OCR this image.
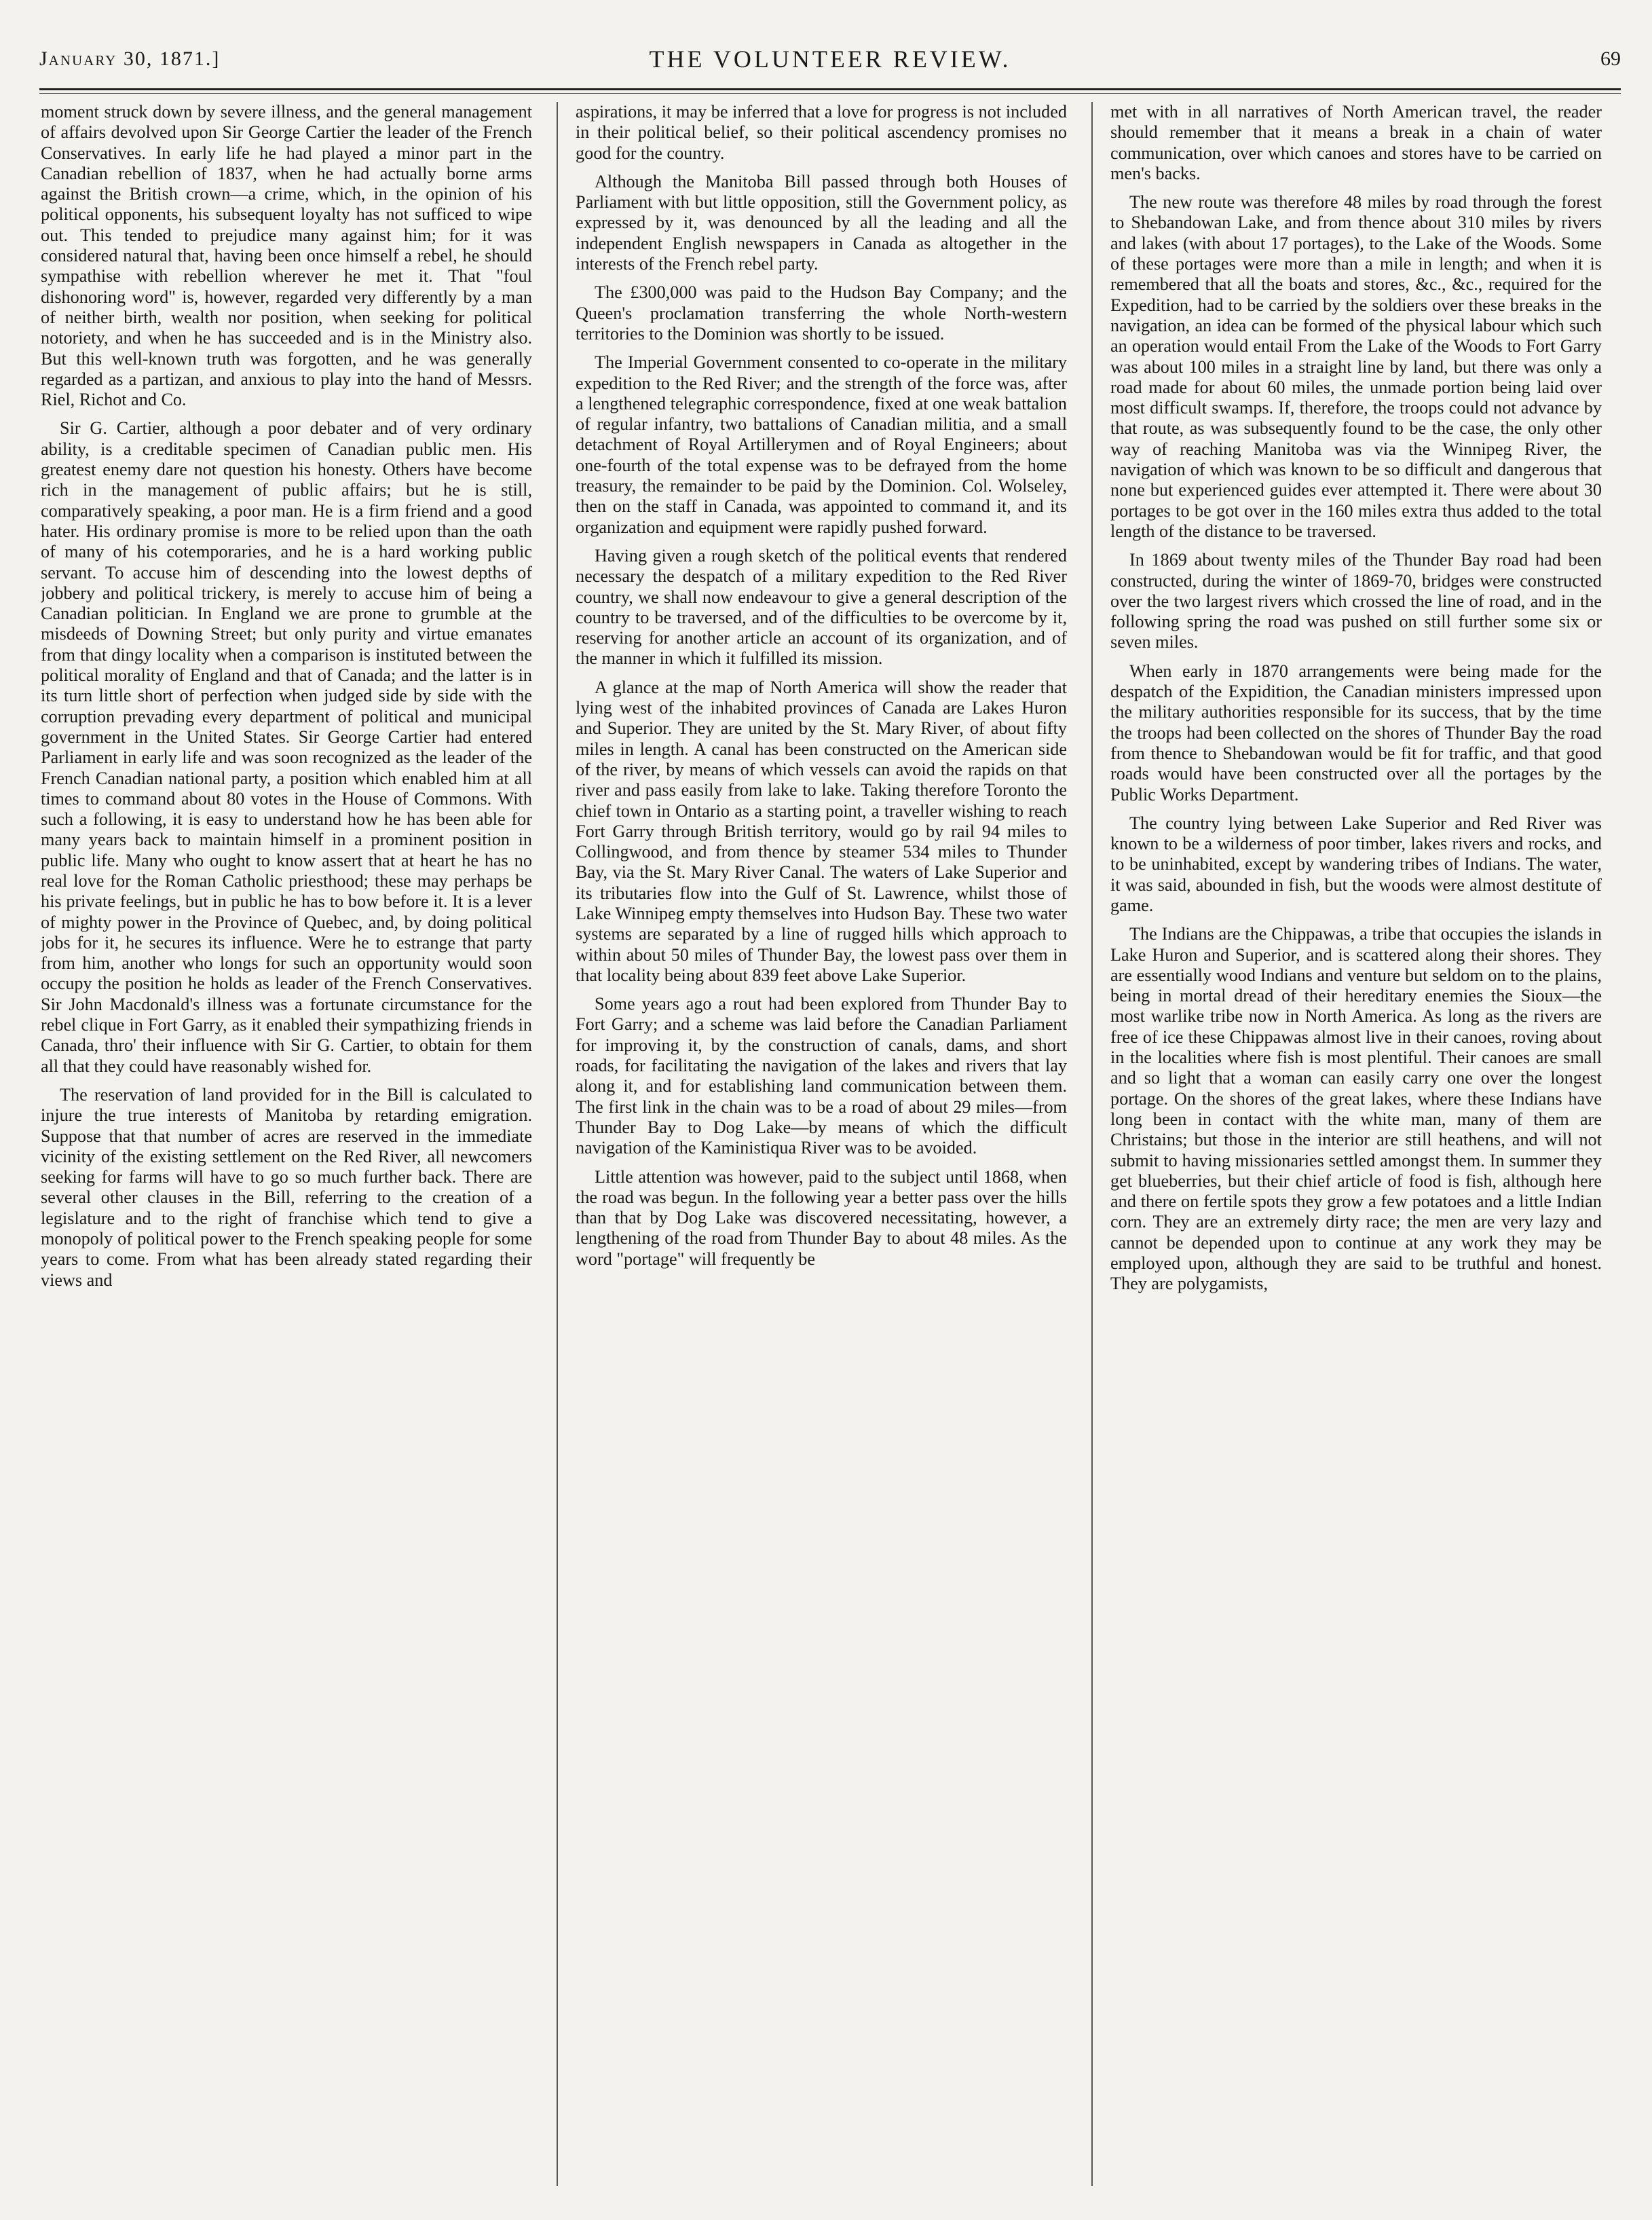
January 30, 1871.]	THE VOLUNTEER REVIEW.	69

moment struck down by severe illness, and the general management of affairs devolved upon Sir George Cartier the leader of the French Conservatives. In early life he had played a minor part in the Canadian rebellion of 1837, when he had actually borne arms against the British crown—a crime, which, in the opinion of his political opponents, his subsequent loyalty has not sufficed to wipe out. This tended to prejudice many against him; for it was considered natural that, having been once himself a rebel, he should sympathise with rebellion wherever he met it. That "foul dishonoring word" is, however, regarded very differently by a man of neither birth, wealth nor position, when seeking for political notoriety, and when he has succeeded and is in the Ministry also. But this well-known truth was forgotten, and he was generally regarded as a partizan, and anxious to play into the hand of Messrs. Riel, Richot and Co.

Sir G. Cartier, although a poor debater and of very ordinary ability, is a creditable specimen of Canadian public men. His greatest enemy dare not question his honesty. Others have become rich in the management of public affairs; but he is still, comparatively speaking, a poor man. He is a firm friend and a good hater. His ordinary promise is more to be relied upon than the oath of many of his cotemporaries, and he is a hard working public servant. To accuse him of descending into the lowest depths of jobbery and political trickery, is merely to accuse him of being a Canadian politician. In England we are prone to grumble at the misdeeds of Downing Street; but only purity and virtue emanates from that dingy locality when a comparison is instituted between the political morality of England and that of Canada; and the latter is in its turn little short of perfection when judged side by side with the corruption prevading every department of political and municipal government in the United States. Sir George Cartier had entered Parliament in early life and was soon recognized as the leader of the French Canadian national party, a position which enabled him at all times to command about 80 votes in the House of Commons. With such a following, it is easy to understand how he has been able for many years back to maintain himself in a prominent position in public life. Many who ought to know assert that at heart he has no real love for the Roman Catholic priesthood; these may perhaps be his private feelings, but in public he has to bow before it. It is a lever of mighty power in the Province of Quebec, and, by doing political jobs for it, he secures its influence. Were he to estrange that party from him, another who longs for such an opportunity would soon occupy the position he holds as leader of the French Conservatives. Sir John Macdonald's illness was a fortunate circumstance for the rebel clique in Fort Garry, as it enabled their sympathizing friends in Canada, thro' their influence with Sir G. Cartier, to obtain for them all that they could have reasonably wished for.

The reservation of land provided for in the Bill is calculated to injure the true interests of Manitoba by retarding emigration. Suppose that that number of acres are reserved in the immediate vicinity of the existing settlement on the Red River, all newcomers seeking for farms will have to go so much further back. There are several other clauses in the Bill, referring to the creation of a legislature and to the right of franchise which tend to give a monopoly of political power to the French speaking people for some years to come. From what has been already stated regarding their views and

aspirations, it may be inferred that a love for progress is not included in their political belief, so their political ascendency promises no good for the country.

Although the Manitoba Bill passed through both Houses of Parliament with but little opposition, still the Government policy, as expressed by it, was denounced by all the leading and all the independent English newspapers in Canada as altogether in the interests of the French rebel party.

The £300,000 was paid to the Hudson Bay Company; and the Queen's proclamation transferring the whole North-western territories to the Dominion was shortly to be issued.

The Imperial Government consented to co-operate in the military expedition to the Red River; and the strength of the force was, after a lengthened telegraphic correspondence, fixed at one weak battalion of regular infantry, two battalions of Canadian militia, and a small detachment of Royal Artillerymen and of Royal Engineers; about one-fourth of the total expense was to be defrayed from the home treasury, the remainder to be paid by the Dominion. Col. Wolseley, then on the staff in Canada, was appointed to command it, and its organization and equipment were rapidly pushed forward.

Having given a rough sketch of the political events that rendered necessary the despatch of a military expedition to the Red River country, we shall now endeavour to give a general description of the country to be traversed, and of the difficulties to be overcome by it, reserving for another article an account of its organization, and of the manner in which it fulfilled its mission.

A glance at the map of North America will show the reader that lying west of the inhabited provinces of Canada are Lakes Huron and Superior. They are united by the St. Mary River, of about fifty miles in length. A canal has been constructed on the American side of the river, by means of which vessels can avoid the rapids on that river and pass easily from lake to lake. Taking therefore Toronto the chief town in Ontario as a starting point, a traveller wishing to reach Fort Garry through British territory, would go by rail 94 miles to Collingwood, and from thence by steamer 534 miles to Thunder Bay, via the St. Mary River Canal. The waters of Lake Superior and its tributaries flow into the Gulf of St. Lawrence, whilst those of Lake Winnipeg empty themselves into Hudson Bay. These two water systems are separated by a line of rugged hills which approach to within about 50 miles of Thunder Bay, the lowest pass over them in that locality being about 839 feet above Lake Superior.

Some years ago a rout had been explored from Thunder Bay to Fort Garry; and a scheme was laid before the Canadian Parliament for improving it, by the construction of canals, dams, and short roads, for facilitating the navigation of the lakes and rivers that lay along it, and for establishing land communication between them. The first link in the chain was to be a road of about 29 miles—from Thunder Bay to Dog Lake—by means of which the difficult navigation of the Kaministiqua River was to be avoided.

Little attention was however, paid to the subject until 1868, when the road was begun. In the following year a better pass over the hills than that by Dog Lake was discovered necessitating, however, a lengthening of the road from Thunder Bay to about 48 miles. As the word "portage" will frequently be

met with in all narratives of North American travel, the reader should remember that it means a break in a chain of water communication, over which canoes and stores have to be carried on men's backs.

The new route was therefore 48 miles by road through the forest to Shebandowan Lake, and from thence about 310 miles by rivers and lakes (with about 17 portages), to the Lake of the Woods. Some of these portages were more than a mile in length; and when it is remembered that all the boats and stores, &c., &c., required for the Expedition, had to be carried by the soldiers over these breaks in the navigation, an idea can be formed of the physical labour which such an operation would entail From the Lake of the Woods to Fort Garry was about 100 miles in a straight line by land, but there was only a road made for about 60 miles, the unmade portion being laid over most difficult swamps. If, therefore, the troops could not advance by that route, as was subsequently found to be the case, the only other way of reaching Manitoba was via the Winnipeg River, the navigation of which was known to be so difficult and dangerous that none but experienced guides ever attempted it. There were about 30 portages to be got over in the 160 miles extra thus added to the total length of the distance to be traversed.

In 1869 about twenty miles of the Thunder Bay road had been constructed, during the winter of 1869-70, bridges were constructed over the two largest rivers which crossed the line of road, and in the following spring the road was pushed on still further some six or seven miles.

When early in 1870 arrangements were being made for the despatch of the Expidition, the Canadian ministers impressed upon the military authorities responsible for its success, that by the time the troops had been collected on the shores of Thunder Bay the road from thence to Shebandowan would be fit for traffic, and that good roads would have been constructed over all the portages by the Public Works Department.

The country lying between Lake Superior and Red River was known to be a wilderness of poor timber, lakes rivers and rocks, and to be uninhabited, except by wandering tribes of Indians. The water, it was said, abounded in fish, but the woods were almost destitute of game.

The Indians are the Chippawas, a tribe that occupies the islands in Lake Huron and Superior, and is scattered along their shores. They are essentially wood Indians and venture but seldom on to the plains, being in mortal dread of their hereditary enemies the Sioux—the most warlike tribe now in North America. As long as the rivers are free of ice these Chippawas almost live in their canoes, roving about in the localities where fish is most plentiful. Their canoes are small and so light that a woman can easily carry one over the longest portage. On the shores of the great lakes, where these Indians have long been in contact with the white man, many of them are Christains; but those in the interior are still heathens, and will not submit to having missionaries settled amongst them. In summer they get blueberries, but their chief article of food is fish, although here and there on fertile spots they grow a few potatoes and a little Indian corn. They are an extremely dirty race; the men are very lazy and cannot be depended upon to continue at any work they may be employed upon, although they are said to be truthful and honest. They are polygamists,
